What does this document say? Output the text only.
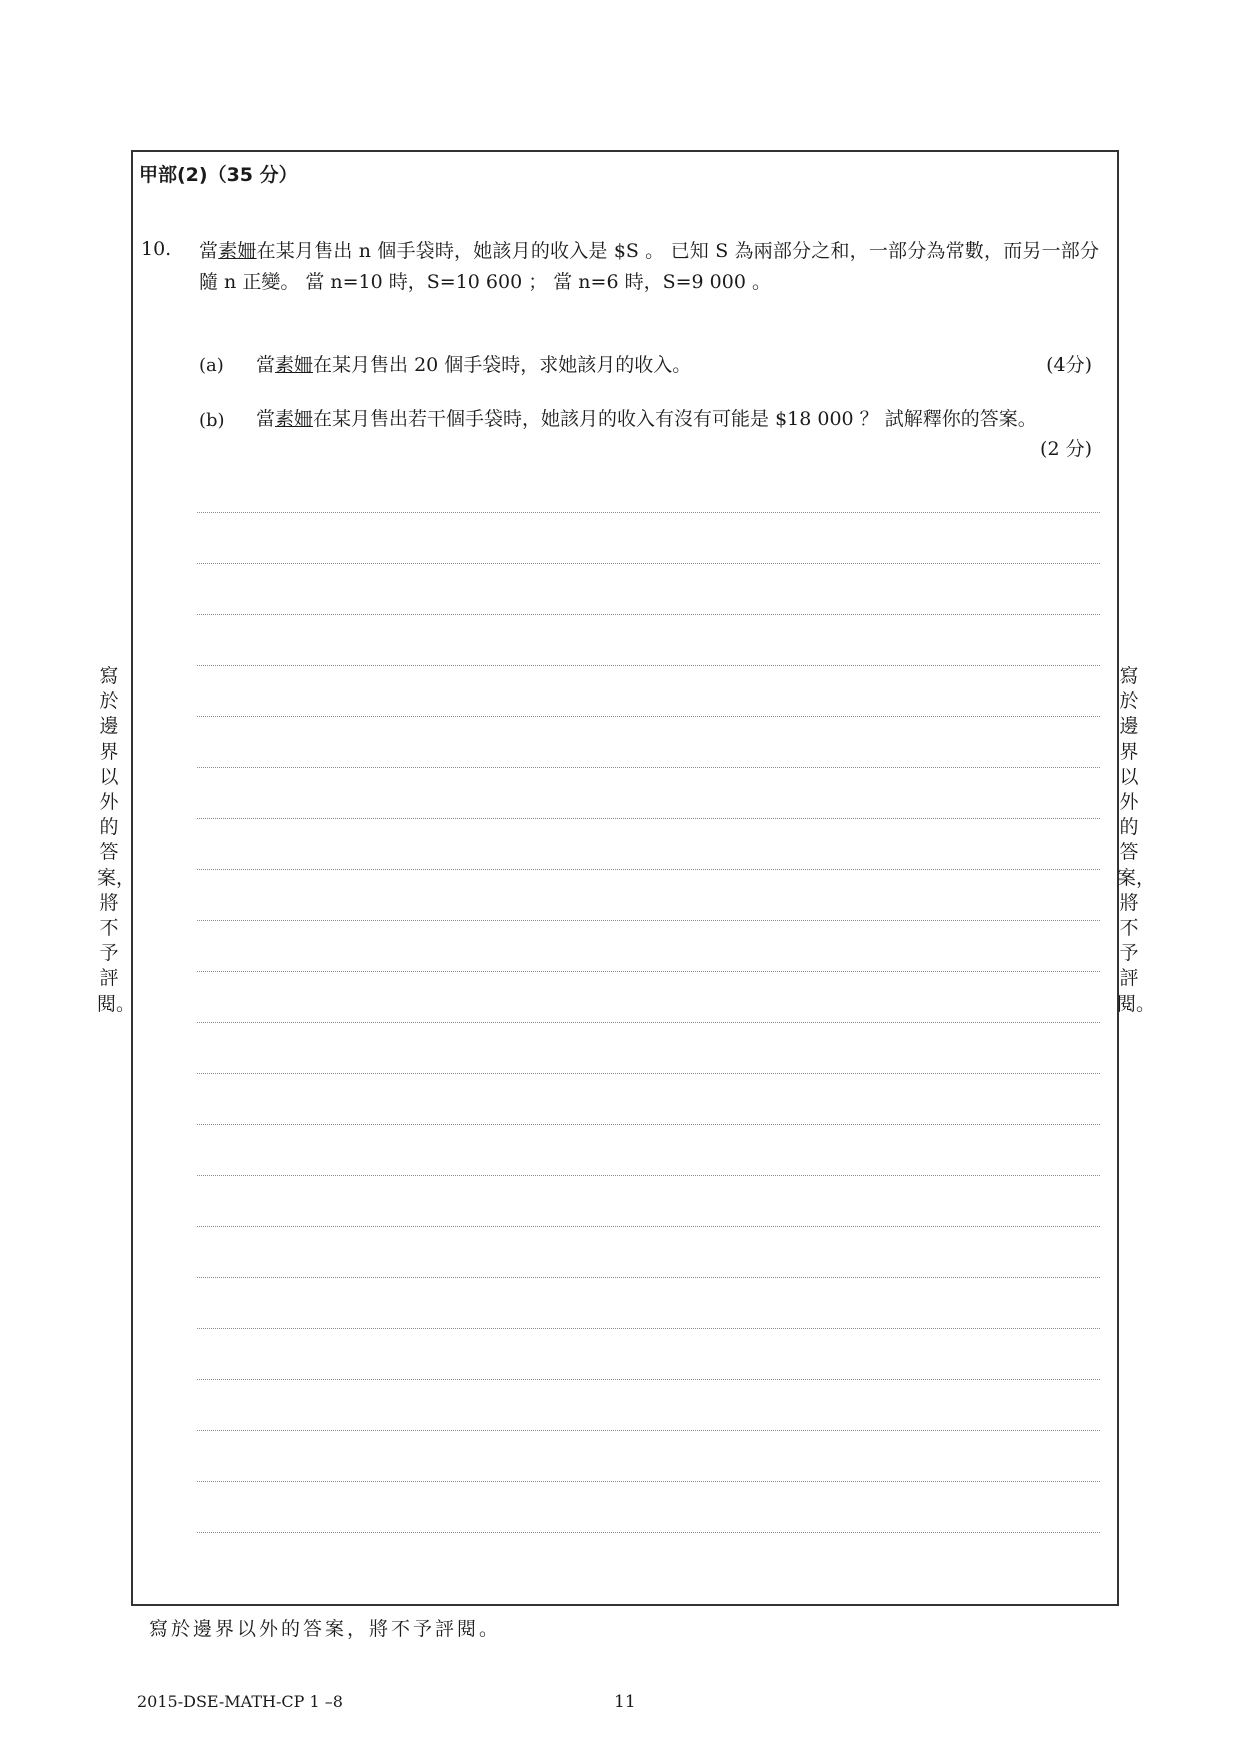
甲部(2)（35 分）
10. 當素姍在某月售出 n 個手袋時，她該月的收入是 $S 。 已知 S 為兩部分之和，一部分為常數，而另一部分隨 n 正變。 當 n=10 時，S=10 600 ； 當 n=6 時，S=9 000 。
(a) 當素姍在某月售出 20 個手袋時，求她該月的收入。	(4分)
(b) 當素姍在某月售出若干個手袋時，她該月的收入有沒有可能是 $18 000 ？ 試解釋你的答案。
(2 分)
寫於邊界以外的答案，將不予評閱。
寫於邊界以外的答案，將不予評閱。
寫於邊界以外的答案，將不予評閱。
2015-DSE-MATH-CP 1 –8	11
